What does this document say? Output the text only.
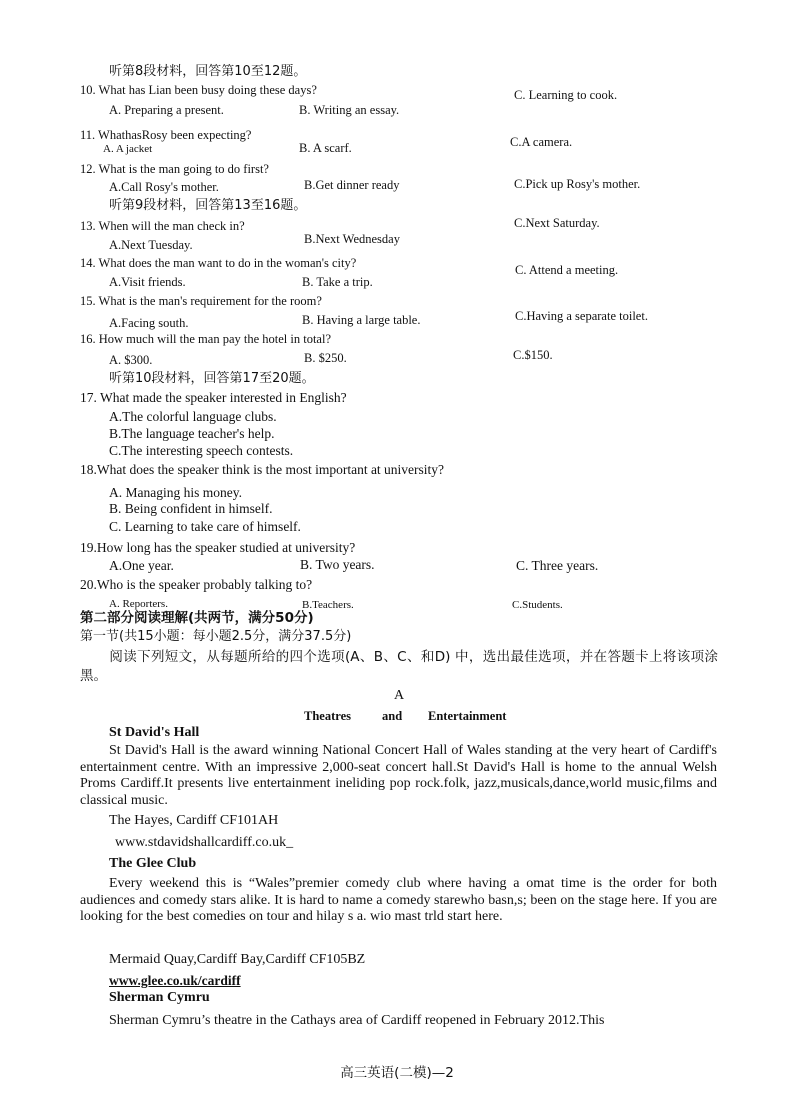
听第8段材料，回答第10至12题。
10. What has Lian been busy doing these days?
A. Preparing a present.	B. Writing an essay.
C. Learning to cook.
11. WhathasRosy been expecting?
A. A jacket	B. A scarf.	C.A camera.
12. What is the man going to do first?
A.Call Rosy's mother.	B.Get dinner ready	C.Pick up Rosy's mother.
听第9段材料，回答第13至16题。
13. When will the man check in?
A.Next Tuesday.	B.Next Wednesday
C.Next Saturday.
14. What does the man want to do in the woman's city?
A.Visit friends.	B. Take a trip.
C. Attend a meeting.
15. What is the man's requirement for the room?
A.Facing south.	B. Having a large table.	C.Having a separate toilet.
16. How much will the man pay the hotel in total?
A. $300.	B. $250.	C.$150.
听第10段材料，回答第17至20题。
17. What made the speaker interested in English?
A.The colorful language clubs.
B.The language teacher's help.
C.The interesting speech contests.
18.What does the speaker think is the most important at university?
A. Managing his money.
B. Being confident in himself.
C. Learning to take care of himself.
19.How long has the speaker studied at university?
A.One year.	B. Two years.	C. Three years.
20.Who is the speaker probably talking to?
A. Reporters.	B.Teachers.	C.Students.
第二部分阅读理解(共两节，满分50分)
第一节(共15小题：每小题2.5分，满分37.5分)
阅读下列短文，从每题所给的四个选项(A、B、C、和D) 中，选出最佳选项，并在答题卡上将该项涂黑。
A
Theatres and Entertainment
St David's Hall
St David's Hall is the award winning National Concert Hall of Wales standing at the very heart of Cardiff's entertainment centre. With an impressive 2,000-seat concert hall.St David's Hall is home to the annual Welsh Proms Cardiff.It presents live entertainment ineliding pop rock.folk, jazz,musicals,dance,world music,films and classical music.
The Hayes, Cardiff CF101AH
www.stdavidshallcardiff.co.uk_
The Glee Club
Every weekend this is “Wales”premier comedy club where having a omat time is the order for both audiences and comedy stars alike. It is hard to name a comedy starewho basn,s; been on the stage here. If you are looking for the best comedies on tour and hilay s a. wio mast trld start here.
Mermaid Quay,Cardiff Bay,Cardiff CF105BZ
www.glee.co.uk/cardiff
Sherman Cymru
Sherman Cymru’s theatre in the Cathays area of Cardiff reopened in February 2012.This
高三英语(二模)—2
